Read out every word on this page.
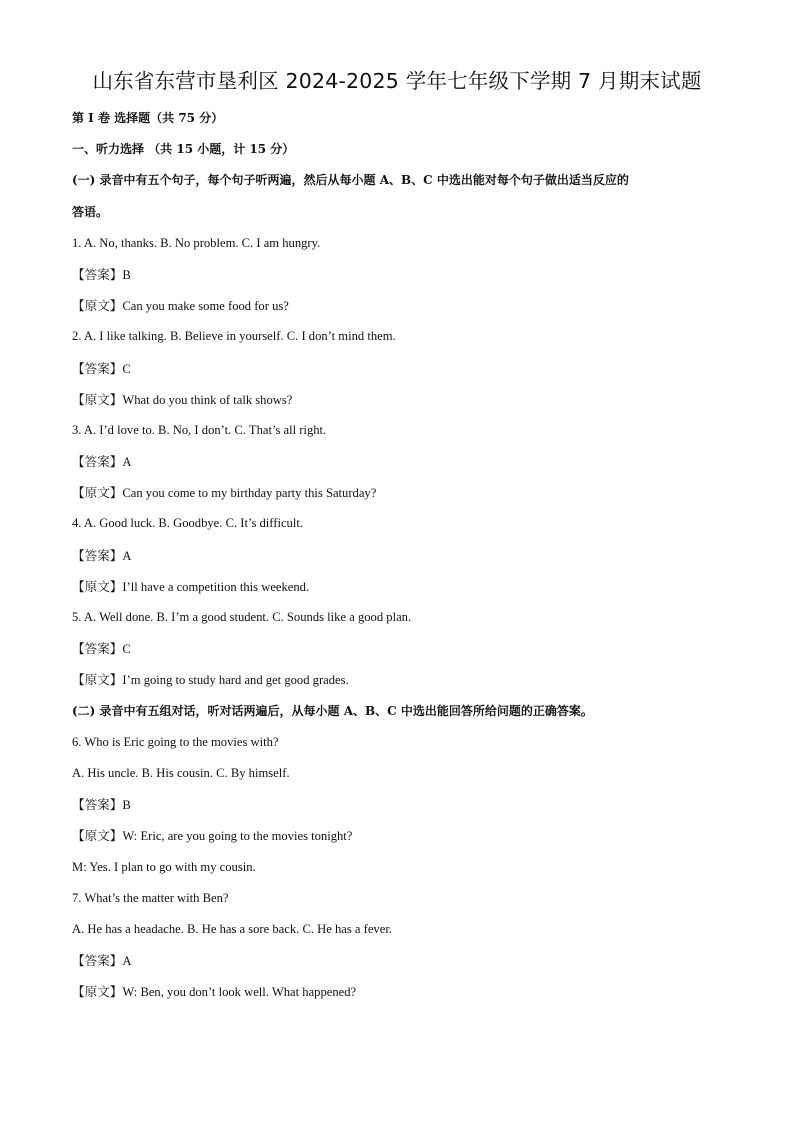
山东省东营市垦利区 2024-2025 学年七年级下学期 7 月期末试题
第 I 卷 选择题（共 75 分）
一、听力选择 （共 15 小题，计 15 分）
(一) 录音中有五个句子，每个句子听两遍，然后从每小题 A、B、C 中选出能对每个句子做出适当反应的
答语。
1. A. No, thanks. B. No problem. C. I am hungry.
【答案】B
【原文】Can you make some food for us?
2. A. I like talking. B. Believe in yourself. C. I don’t mind them.
【答案】C
【原文】What do you think of talk shows?
3. A. I’d love to. B. No, I don’t. C. That’s all right.
【答案】A
【原文】Can you come to my birthday party this Saturday?
4. A. Good luck. B. Goodbye. C. It’s difficult.
【答案】A
【原文】I’ll have a competition this weekend.
5. A. Well done. B. I’m a good student. C. Sounds like a good plan.
【答案】C
【原文】I’m going to study hard and get good grades.
(二) 录音中有五组对话，听对话两遍后，从每小题 A、B、C 中选出能回答所给问题的正确答案。
6. Who is Eric going to the movies with?
A. His uncle. B. His cousin. C. By himself.
【答案】B
【原文】W: Eric, are you going to the movies tonight?
M: Yes. I plan to go with my cousin.
7. What’s the matter with Ben?
A. He has a headache. B. He has a sore back. C. He has a fever.
【答案】A
【原文】W: Ben, you don’t look well. What happened?
